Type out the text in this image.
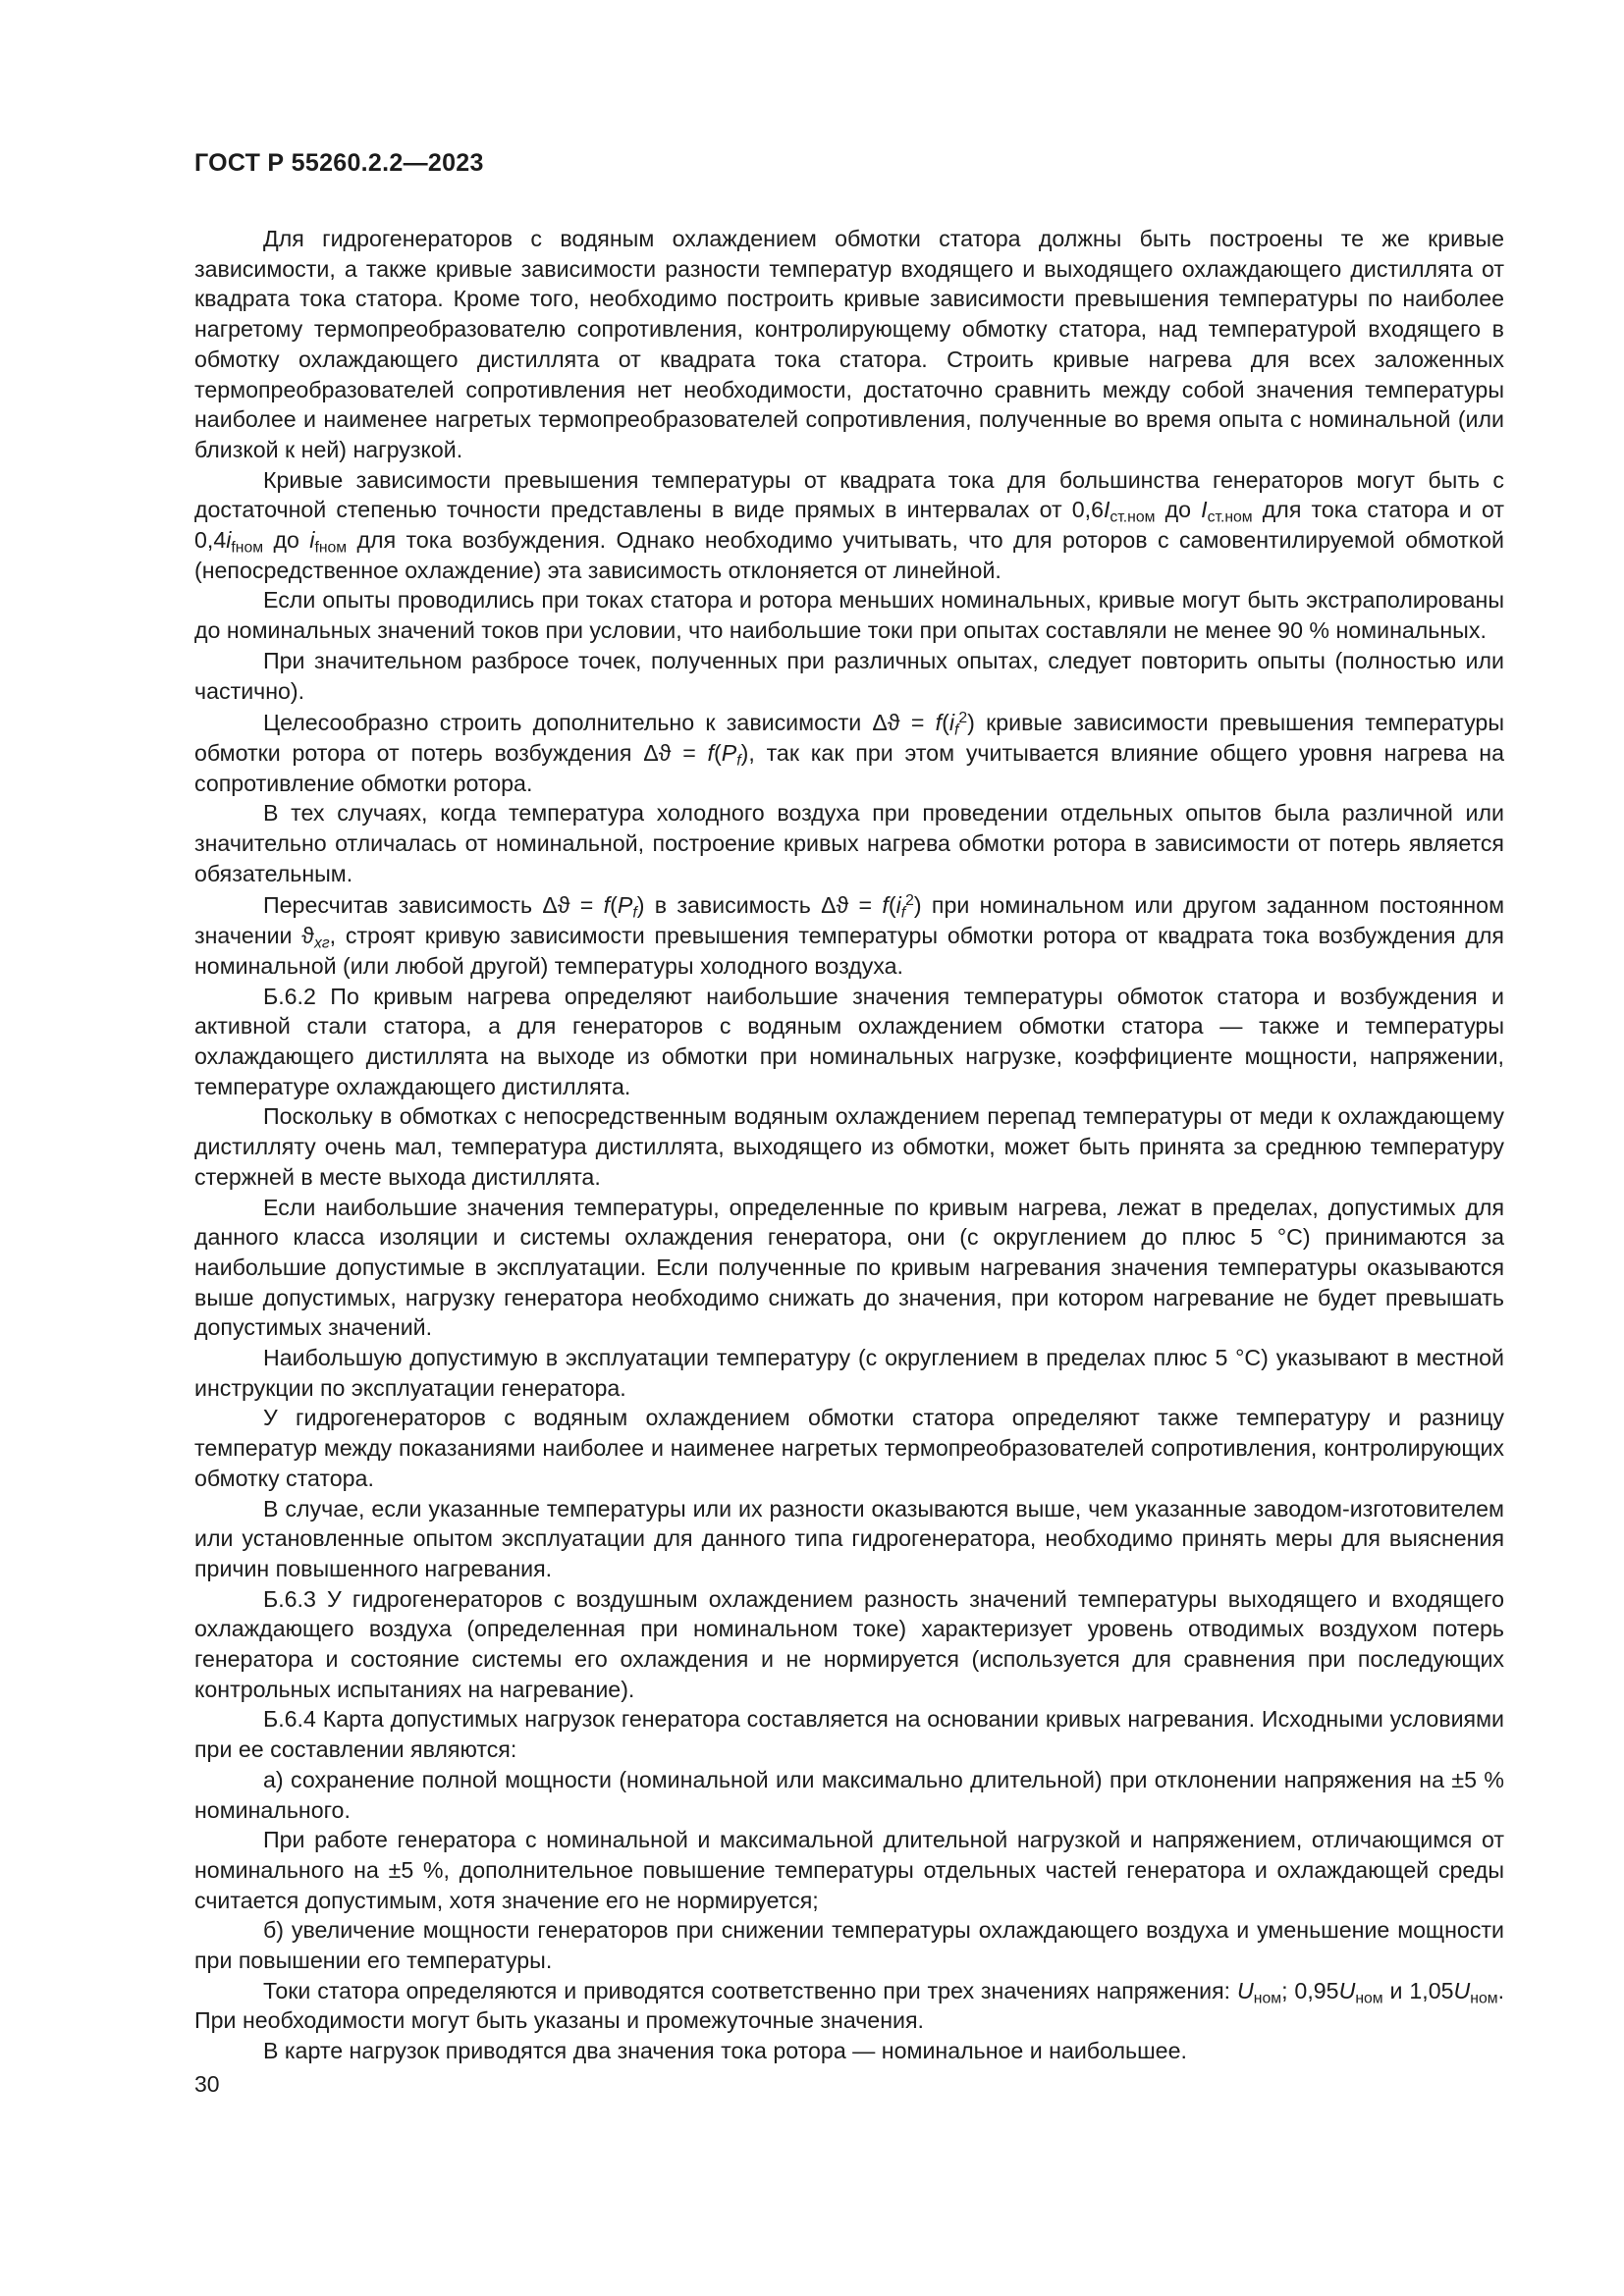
ГОСТ Р 55260.2.2—2023

Для гидрогенераторов с водяным охлаждением обмотки статора должны быть построены те же кривые зависимости, а также кривые зависимости разности температур входящего и выходящего охлаждающего дистиллята от квадрата тока статора. Кроме того, необходимо построить кривые зависимости превышения температуры по наиболее нагретому термопреобразователю сопротивления, контролирующему обмотку статора, над температурой входящего в обмотку охлаждающего дистиллята от квадрата тока статора. Строить кривые нагрева для всех заложенных термопреобразователей сопротивления нет необходимости, достаточно сравнить между собой значения температуры наиболее и наименее нагретых термопреобразователей сопротивления, полученные во время опыта с номинальной (или близкой к ней) нагрузкой.

Кривые зависимости превышения температуры от квадрата тока для большинства генераторов могут быть с достаточной степенью точности представлены в виде прямых в интервалах от $0,6I_{ст.ном}$ до $I_{ст.ном}$ для тока статора и от $0,4i_{fном}$ до $i_{fном}$ для тока возбуждения. Однако необходимо учитывать, что для роторов с самовентилируемой обмоткой (непосредственное охлаждение) эта зависимость отклоняется от линейной.

Если опыты проводились при токах статора и ротора меньших номинальных, кривые могут быть экстраполированы до номинальных значений токов при условии, что наибольшие токи при опытах составляли не менее 90 % номинальных.

При значительном разбросе точек, полученных при различных опытах, следует повторить опыты (полностью или частично).

Целесообразно строить дополнительно к зависимости $\Delta ϑ = f(i_f^2)$ кривые зависимости превышения температуры обмотки ротора от потерь возбуждения $\Delta ϑ = f(P_f)$, так как при этом учитывается влияние общего уровня нагрева на сопротивление обмотки ротора.

В тех случаях, когда температура холодного воздуха при проведении отдельных опытов была различной или значительно отличалась от номинальной, построение кривых нагрева обмотки ротора в зависимости от потерь является обязательным.

Пересчитав зависимость $\Delta ϑ = f(P_f)$ в зависимость $\Delta ϑ = f(i_f^2)$ при номинальном или другом заданном постоянном значении $ϑ_{хг}$, строят кривую зависимости превышения температуры обмотки ротора от квадрата тока возбуждения для номинальной (или любой другой) температуры холодного воздуха.

Б.6.2 По кривым нагрева определяют наибольшие значения температуры обмоток статора и возбуждения и активной стали статора, а для генераторов с водяным охлаждением обмотки статора — также и температуры охлаждающего дистиллята на выходе из обмотки при номинальных нагрузке, коэффициенте мощности, напряжении, температуре охлаждающего дистиллята.

Поскольку в обмотках с непосредственным водяным охлаждением перепад температуры от меди к охлаждающему дистилляту очень мал, температура дистиллята, выходящего из обмотки, может быть принята за среднюю температуру стержней в месте выхода дистиллята.

Если наибольшие значения температуры, определенные по кривым нагрева, лежат в пределах, допустимых для данного класса изоляции и системы охлаждения генератора, они (с округлением до плюс 5 °С) принимаются за наибольшие допустимые в эксплуатации. Если полученные по кривым нагревания значения температуры оказываются выше допустимых, нагрузку генератора необходимо снижать до значения, при котором нагревание не будет превышать допустимых значений.

Наибольшую допустимую в эксплуатации температуру (с округлением в пределах плюс 5 °С) указывают в местной инструкции по эксплуатации генератора.

У гидрогенераторов с водяным охлаждением обмотки статора определяют также температуру и разницу температур между показаниями наиболее и наименее нагретых термопреобразователей сопротивления, контролирующих обмотку статора.

В случае, если указанные температуры или их разности оказываются выше, чем указанные заводом-изготовителем или установленные опытом эксплуатации для данного типа гидрогенератора, необходимо принять меры для выяснения причин повышенного нагревания.

Б.6.3 У гидрогенераторов с воздушным охлаждением разность значений температуры выходящего и входящего охлаждающего воздуха (определенная при номинальном токе) характеризует уровень отводимых воздухом потерь генератора и состояние системы его охлаждения и не нормируется (используется для сравнения при последующих контрольных испытаниях на нагревание).

Б.6.4 Карта допустимых нагрузок генератора составляется на основании кривых нагревания. Исходными условиями при ее составлении являются:

а) сохранение полной мощности (номинальной или максимально длительной) при отклонении напряжения на ±5 % номинального.

При работе генератора с номинальной и максимальной длительной нагрузкой и напряжением, отличающимся от номинального на ±5 %, дополнительное повышение температуры отдельных частей генератора и охлаждающей среды считается допустимым, хотя значение его не нормируется;

б) увеличение мощности генераторов при снижении температуры охлаждающего воздуха и уменьшение мощности при повышении его температуры.

Токи статора определяются и приводятся соответственно при трех значениях напряжения: $U_{ном}$; $0,95U_{ном}$ и $1,05U_{ном}$. При необходимости могут быть указаны и промежуточные значения.

В карте нагрузок приводятся два значения тока ротора — номинальное и наибольшее.

30
